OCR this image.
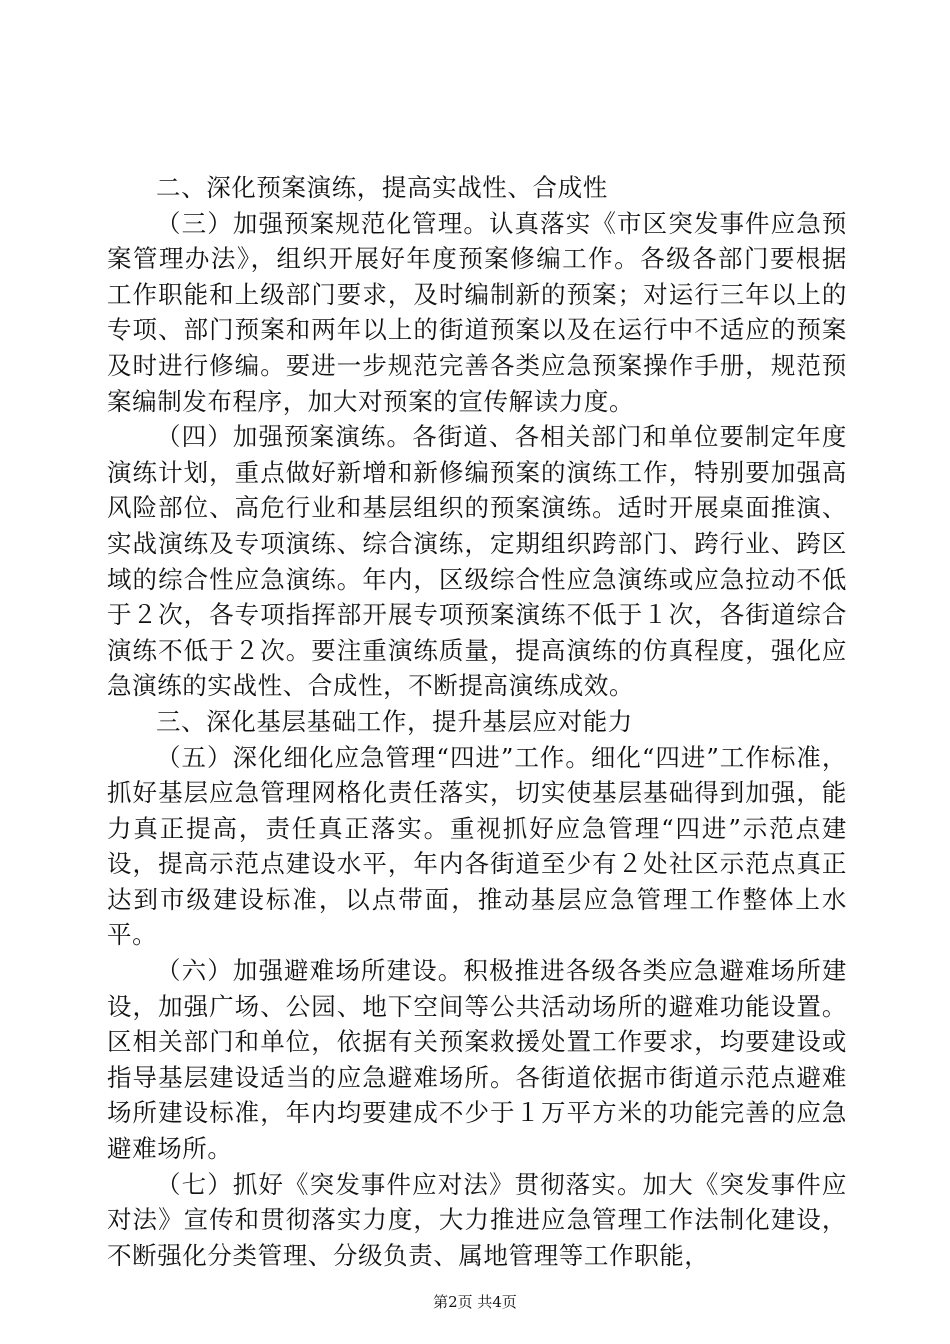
二、深化预案演练，提高实战性、合成性

（三）加强预案规范化管理。认真落实《市区突发事件应急预案管理办法》，组织开展好年度预案修编工作。各级各部门要根据工作职能和上级部门要求，及时编制新的预案；对运行三年以上的专项、部门预案和两年以上的街道预案以及在运行中不适应的预案及时进行修编。要进一步规范完善各类应急预案操作手册，规范预案编制发布程序，加大对预案的宣传解读力度。

（四）加强预案演练。各街道、各相关部门和单位要制定年度演练计划，重点做好新增和新修编预案的演练工作，特别要加强高风险部位、高危行业和基层组织的预案演练。适时开展桌面推演、实战演练及专项演练、综合演练，定期组织跨部门、跨行业、跨区域的综合性应急演练。年内，区级综合性应急演练或应急拉动不低于２次，各专项指挥部开展专项预案演练不低于１次，各街道综合演练不低于２次。要注重演练质量，提高演练的仿真程度，强化应急演练的实战性、合成性，不断提高演练成效。

三、深化基层基础工作，提升基层应对能力

（五）深化细化应急管理“四进”工作。细化“四进”工作标准，抓好基层应急管理网格化责任落实，切实使基层基础得到加强，能力真正提高，责任真正落实。重视抓好应急管理“四进”示范点建设，提高示范点建设水平，年内各街道至少有２处社区示范点真正达到市级建设标准，以点带面，推动基层应急管理工作整体上水平。

（六）加强避难场所建设。积极推进各级各类应急避难场所建设，加强广场、公园、地下空间等公共活动场所的避难功能设置。区相关部门和单位，依据有关预案救援处置工作要求，均要建设或指导基层建设适当的应急避难场所。各街道依据市街道示范点避难场所建设标准，年内均要建成不少于１万平方米的功能完善的应急避难场所。

（七）抓好《突发事件应对法》贯彻落实。加大《突发事件应对法》宣传和贯彻落实力度，大力推进应急管理工作法制化建设，不断强化分类管理、分级负责、属地管理等工作职能，

第2页 共4页
